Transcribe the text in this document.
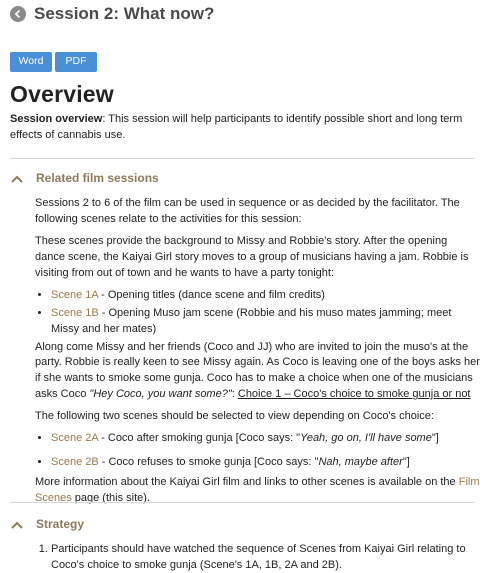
Session 2: What now?
Word	PDF
Overview
Session overview: This session will help participants to identify possible short and long term effects of cannabis use.
Related film sessions

Sessions 2 to 6 of the film can be used in sequence or as decided by the facilitator. The following scenes relate to the activities for this session:

These scenes provide the background to Missy and Robbie's story. After the opening dance scene, the Kaiyai Girl story moves to a group of musicians having a jam. Robbie is visiting from out of town and he wants to have a party tonight:

• Scene 1A - Opening titles (dance scene and film credits)
• Scene 1B - Opening Muso jam scene (Robbie and his muso mates jamming; meet Missy and her mates)

Along come Missy and her friends (Coco and JJ) who are invited to join the muso's at the party. Robbie is really keen to see Missy again. As Coco is leaving one of the boys asks her if she wants to smoke some gunja. Coco has to make a choice when one of the musicians asks Coco "Hey Coco, you want some?": Choice 1 – Coco's choice to smoke gunja or not

The following two scenes should be selected to view depending on Coco's choice:

• Scene 2A - Coco after smoking gunja [Coco says: "Yeah, go on, I'll have some"]
• Scene 2B - Coco refuses to smoke gunja [Coco says: "Nah, maybe after"]

More information about the Kaiyai Girl film and links to other scenes is available on the Film Scenes page (this site).

Strategy
1. Participants should have watched the sequence of Scenes from Kaiyai Girl relating to Coco's choice to smoke gunja (Scene's 1A, 1B, 2A and 2B).
